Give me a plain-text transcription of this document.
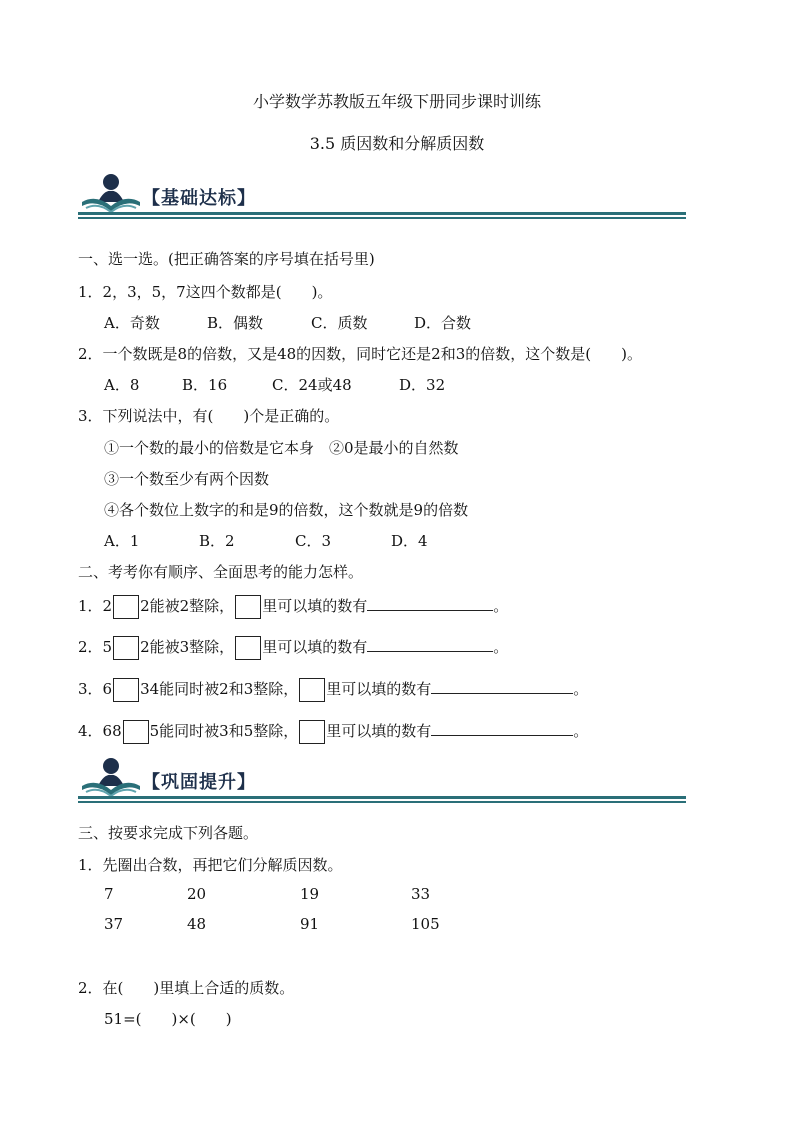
小学数学苏教版五年级下册同步课时训练
3.5 质因数和分解质因数
【基础达标】
一、选一选。(把正确答案的序号填在括号里)
1．2，3，5，7这四个数都是(　　)。
A．奇数	B．偶数	C．质数	D．合数
2．一个数既是8的倍数，又是48的因数，同时它还是2和3的倍数，这个数是(　　)。
A．8	B．16	C．24或48	D．32
3．下列说法中，有(　　)个是正确的。
①一个数的最小的倍数是它本身　②0是最小的自然数
③一个数至少有两个因数
④各个数位上数字的和是9的倍数，这个数就是9的倍数
A．1	B．2	C．3	D．4
二、考考你有顺序、全面思考的能力怎样。
1．2 2能被2整除， 里可以填的数有	。
2．5 2能被3整除， 里可以填的数有	。
3．6 34能同时被2和3整除， 里可以填的数有	。
4．68 5能同时被3和5整除， 里可以填的数有	。
【巩固提升】
三、按要求完成下列各题。
1．先圈出合数，再把它们分解质因数。
7	20	19	33
37	48	91	105
2．在(　　)里填上合适的质数。
51=(　　)×(　　)
